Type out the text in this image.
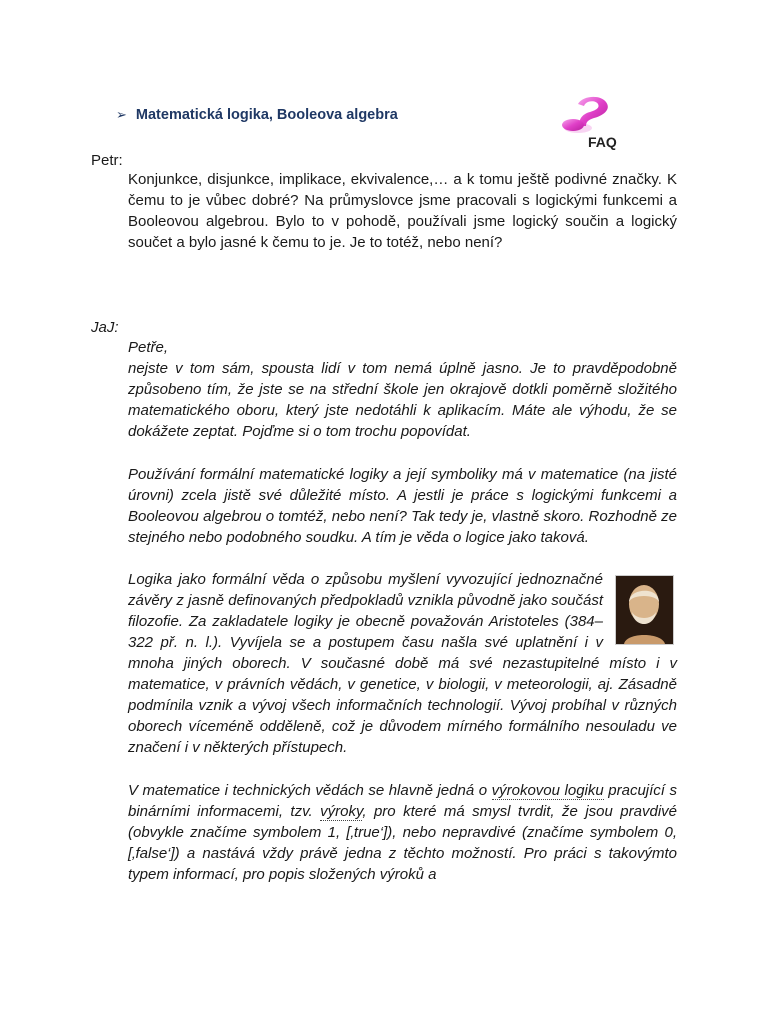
➢ Matematická logika, Booleova algebra
FAQ
Petr:
Konjunkce, disjunkce, implikace, ekvivalence,… a k tomu ještě podivné značky. K čemu to je vůbec dobré? Na průmyslovce jsme pracovali s logickými funkcemi a Booleovou algebrou. Bylo to v pohodě, používali jsme logický součin a logický součet a bylo jasné k čemu to je. Je to totéž, nebo není?
JaJ:

Petře,

nejste v tom sám, spousta lidí v tom nemá úplně jasno. Je to pravděpodobně způsobeno tím, že jste se na střední škole jen okrajově dotkli poměrně složitého matematického oboru, který jste nedotáhli k aplikacím. Máte ale výhodu, že se dokážete zeptat. Pojďme si o tom trochu popovídat.

Používání formální matematické logiky a její symboliky má v matematice (na jisté úrovni) zcela jistě své důležité místo. A jestli je práce s logickými funkcemi a Booleovou algebrou o tomtéž, nebo není? Tak tedy je, vlastně skoro. Rozhodně ze stejného nebo podobného soudku. A tím je věda o logice jako taková.

Logika jako formální věda o způsobu myšlení vyvozující jednoznačné závěry z jasně definovaných předpokladů vznikla původně jako součást filozofie. Za zakladatele logiky je obecně považován Aristoteles (384–322 př. n. l.). Vyvíjela se a postupem času našla své uplatnění i v mnoha jiných oborech. V současné době má své nezastupitelné místo i v matematice, v právních vědách, v genetice, v biologii, v meteorologii, aj. Zásadně podmínila vznik a vývoj všech informačních technologií. Vývoj probíhal v různých oborech víceméně odděleně, což je důvodem mírného formálního nesouladu ve značení i v některých přístupech.

V matematice i technických vědách se hlavně jedná o výrokovou logiku pracující s binárními informacemi, tzv. výroky, pro které má smysl tvrdit, že jsou pravdivé (obvykle značíme symbolem 1, [‚true‘]), nebo nepravdivé (značíme symbolem 0, [‚false‘]) a nastává vždy právě jedna z těchto možností. Pro práci s takovýmto typem informací, pro popis složených výroků a
